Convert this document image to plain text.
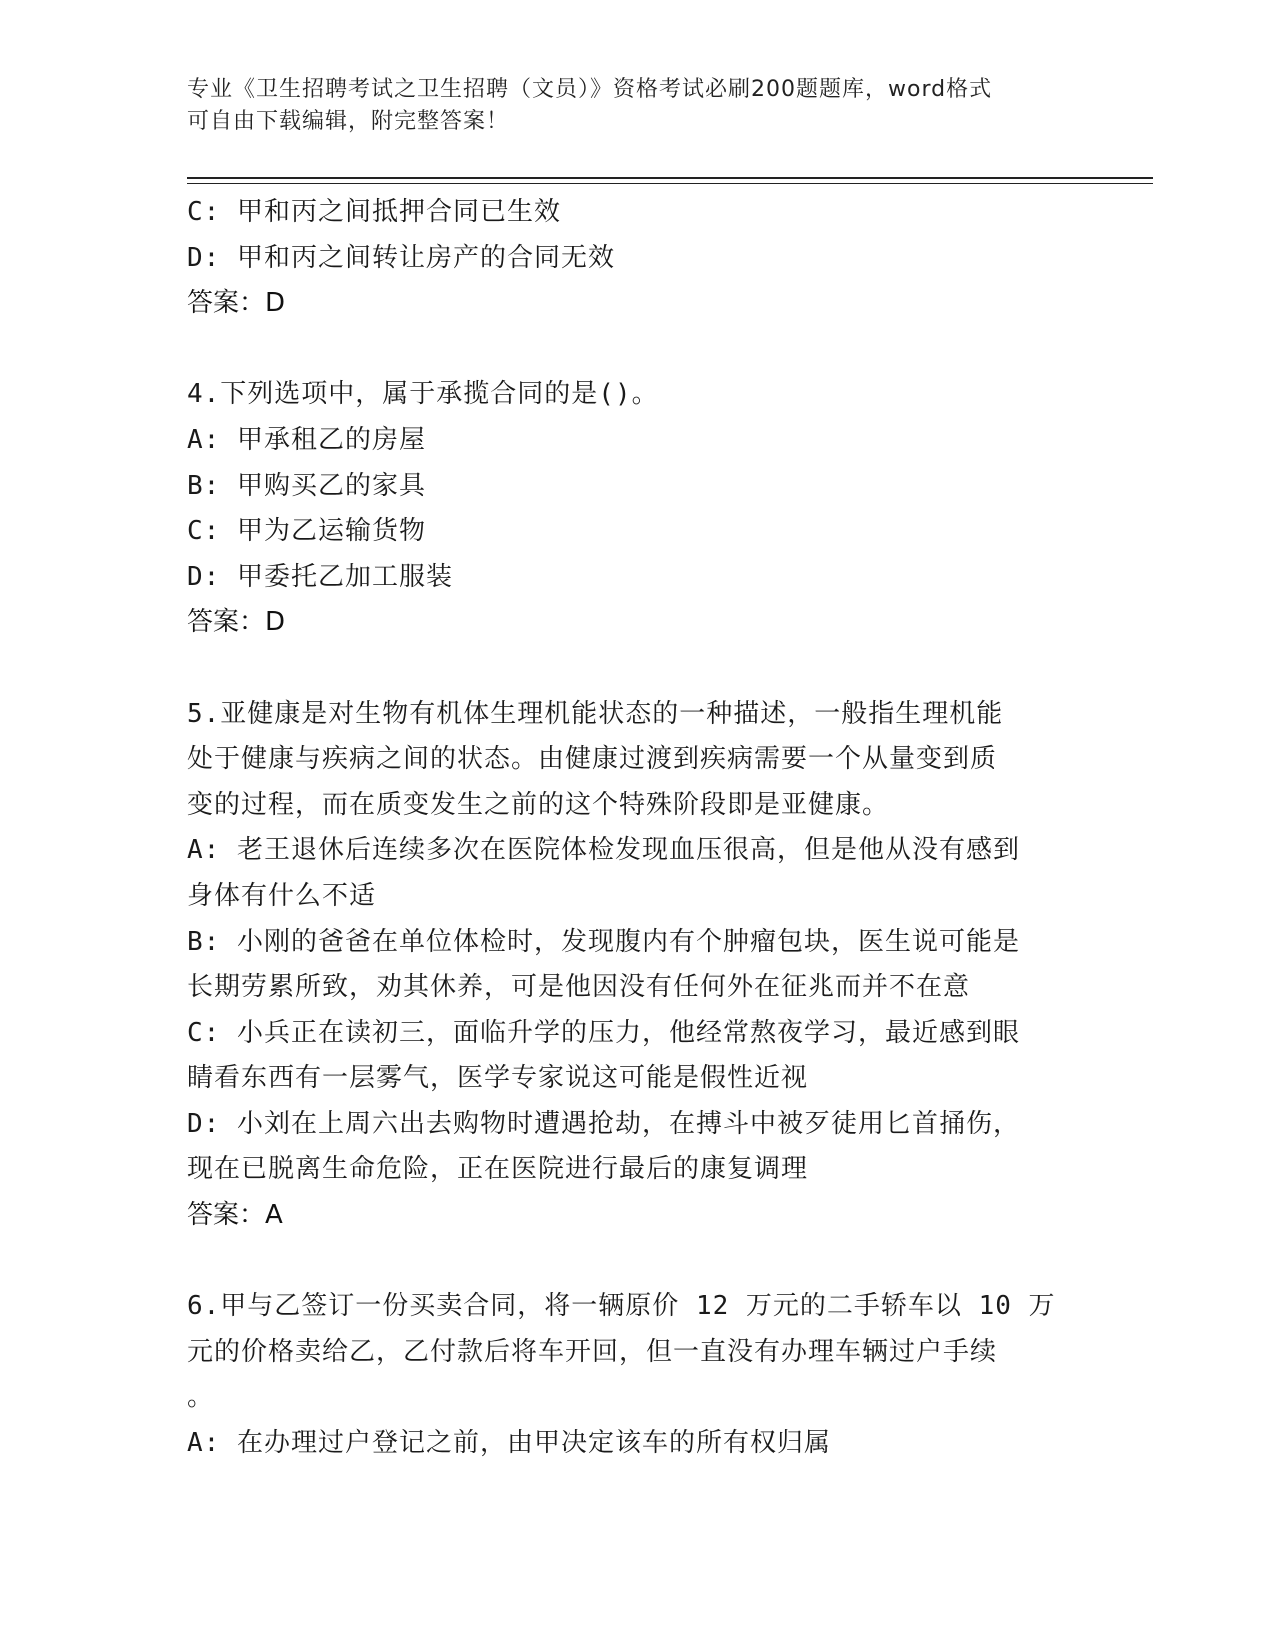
专业《卫生招聘考试之卫生招聘（文员）》资格考试必刷200题题库，word格式
可自由下载编辑，附完整答案！
C: 甲和丙之间抵押合同已生效
D: 甲和丙之间转让房产的合同无效
答案：D
4.下列选项中，属于承揽合同的是()。
A: 甲承租乙的房屋
B: 甲购买乙的家具
C: 甲为乙运输货物
D: 甲委托乙加工服装
答案：D
5.亚健康是对生物有机体生理机能状态的一种描述，一般指生理机能
处于健康与疾病之间的状态。由健康过渡到疾病需要一个从量变到质
变的过程，而在质变发生之前的这个特殊阶段即是亚健康。
A: 老王退休后连续多次在医院体检发现血压很高，但是他从没有感到
身体有什么不适
B: 小刚的爸爸在单位体检时，发现腹内有个肿瘤包块，医生说可能是
长期劳累所致，劝其休养，可是他因没有任何外在征兆而并不在意
C: 小兵正在读初三，面临升学的压力，他经常熬夜学习，最近感到眼
睛看东西有一层雾气，医学专家说这可能是假性近视
D: 小刘在上周六出去购物时遭遇抢劫，在搏斗中被歹徒用匕首捅伤，
现在已脱离生命危险，正在医院进行最后的康复调理
答案：A
6.甲与乙签订一份买卖合同，将一辆原价 12 万元的二手轿车以 10 万
元的价格卖给乙，乙付款后将车开回，但一直没有办理车辆过户手续
。
A: 在办理过户登记之前，由甲决定该车的所有权归属
